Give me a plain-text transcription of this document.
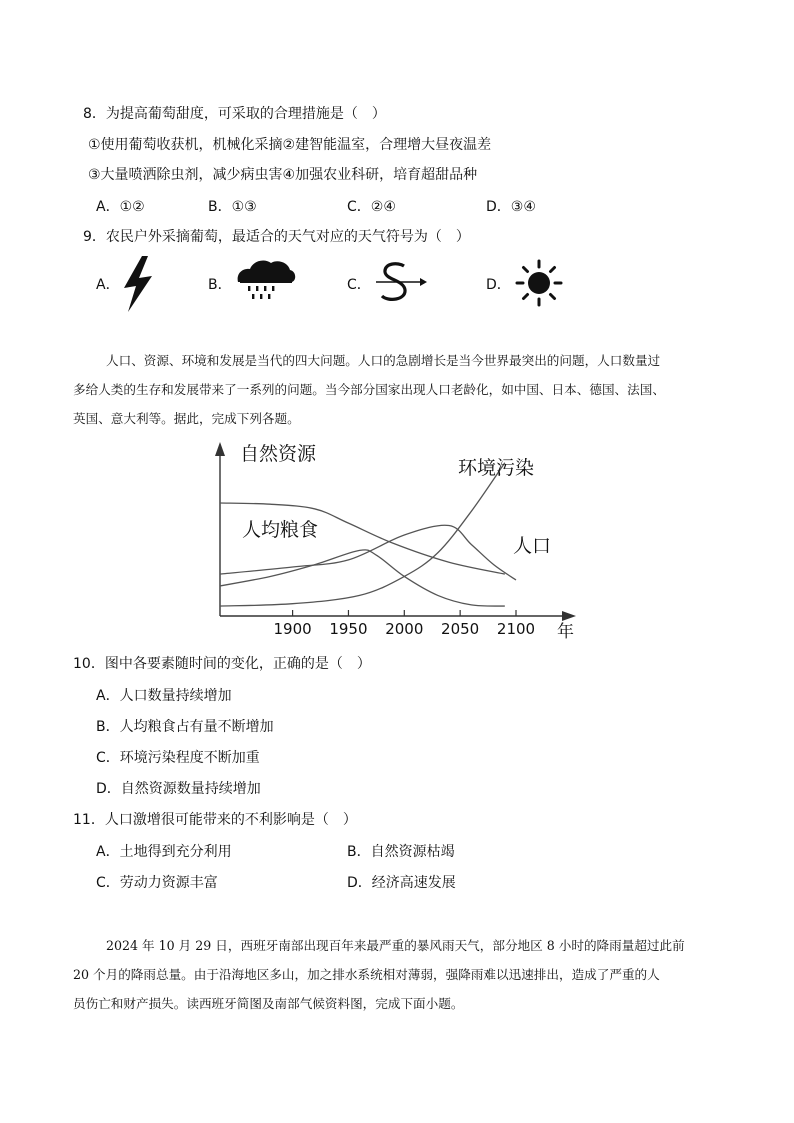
8．为提高葡萄甜度，可采取的合理措施是（　）
①使用葡萄收获机，机械化采摘②建智能温室，合理增大昼夜温差
③大量喷洒除虫剂，减少病虫害④加强农业科研，培育超甜品种
A．①②	B．①③	C．②④	D．③④
9．农民户外采摘葡萄，最适合的天气对应的天气符号为（　）
A．	B．	C．	D．
人口、资源、环境和发展是当代的四大问题。人口的急剧增长是当今世界最突出的问题，人口数量过
多给人类的生存和发展带来了一系列的问题。当今部分国家出现人口老龄化，如中国、日本、德国、法国、
英国、意大利等。据此，完成下列各题。
1900 1950 2000 2050 2100
自然资源
人均粮食
环境污染
人口
年
10．图中各要素随时间的变化，正确的是（　）
A．人口数量持续增加
B．人均粮食占有量不断增加
C．环境污染程度不断加重
D．自然资源数量持续增加
11．人口激增很可能带来的不利影响是（　）
A．土地得到充分利用	B．自然资源枯竭
C．劳动力资源丰富	D．经济高速发展
2024 年 10 月 29 日，西班牙南部出现百年来最严重的暴风雨天气，部分地区 8 小时的降雨量超过此前
20 个月的降雨总量。由于沿海地区多山，加之排水系统相对薄弱，强降雨难以迅速排出，造成了严重的人
员伤亡和财产损失。读西班牙简图及南部气候资料图，完成下面小题。
